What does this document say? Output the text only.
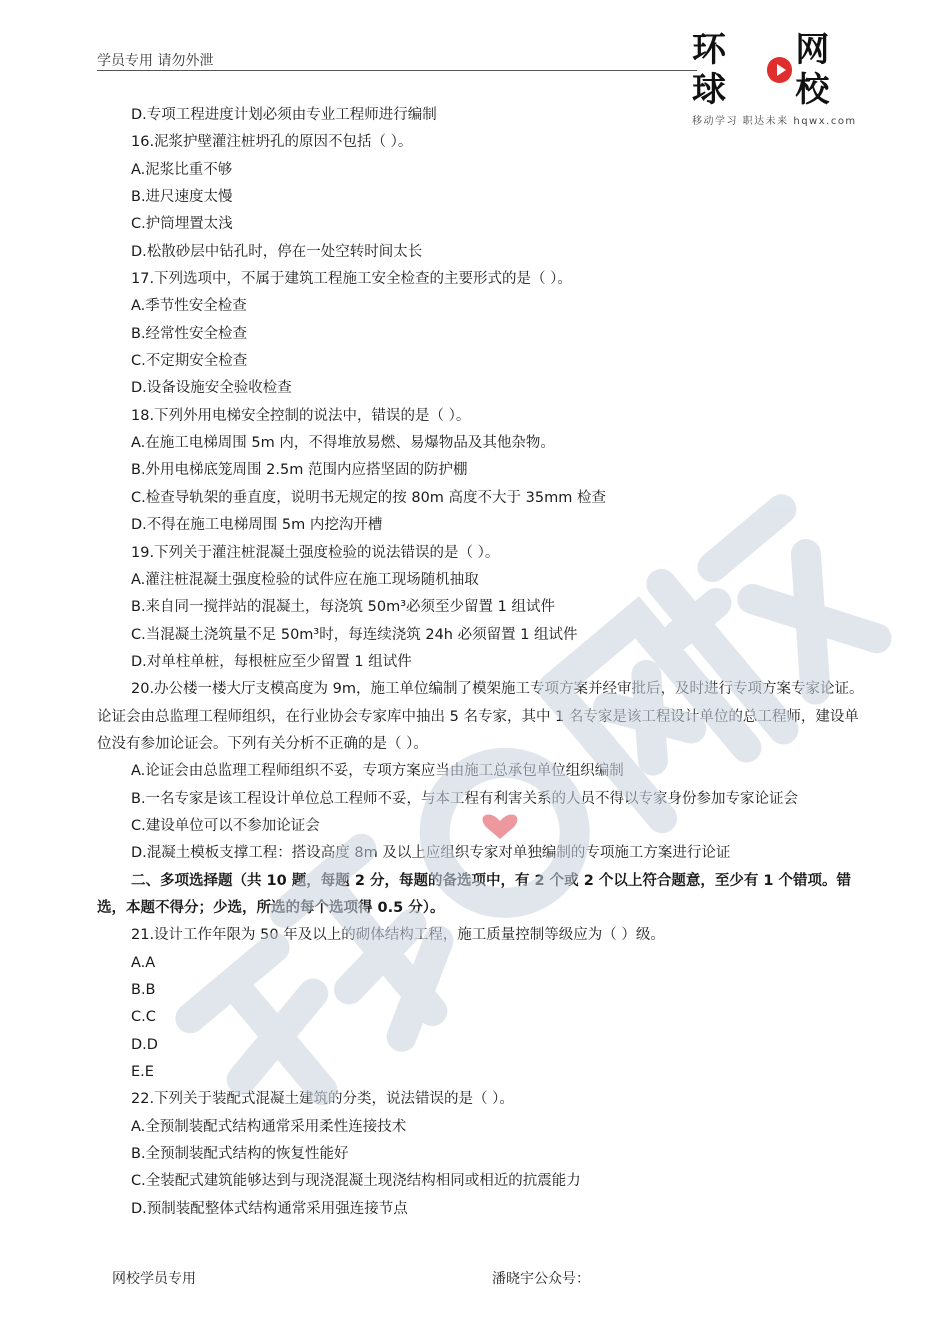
学员专用 请勿外泄	环球
网校
移动学习 职达未来 hqwx.com
D.专项工程进度计划必须由专业工程师进行编制
16.泥浆护壁灌注桩坍孔的原因不包括（ ）。
A.泥浆比重不够
B.进尺速度太慢
C.护筒埋置太浅
D.松散砂层中钻孔时，停在一处空转时间太长
17.下列选项中，不属于建筑工程施工安全检查的主要形式的是（ ）。
A.季节性安全检查
B.经常性安全检查
C.不定期安全检查
D.设备设施安全验收检查
18.下列外用电梯安全控制的说法中，错误的是（ ）。
A.在施工电梯周围 5m 内，不得堆放易燃、易爆物品及其他杂物。
B.外用电梯底笼周围 2.5m 范围内应搭坚固的防护棚
C.检查导轨架的垂直度，说明书无规定的按 80m 高度不大于 35mm 检查
D.不得在施工电梯周围 5m 内挖沟开槽
19.下列关于灌注桩混凝土强度检验的说法错误的是（ ）。
A.灌注桩混凝土强度检验的试件应在施工现场随机抽取
B.来自同一搅拌站的混凝土，每浇筑 50m³必须至少留置 1 组试件
C.当混凝土浇筑量不足 50m³时，每连续浇筑 24h 必须留置 1 组试件
D.对单柱单桩，每根桩应至少留置 1 组试件
20.办公楼一楼大厅支模高度为 9m，施工单位编制了模架施工专项方案并经审批后，及时进行专项方案专家论证。论证会由总监理工程师组织，在行业协会专家库中抽出 5 名专家，其中 1 名专家是该工程设计单位的总工程师，建设单位没有参加论证会。下列有关分析不正确的是（ ）。
A.论证会由总监理工程师组织不妥，专项方案应当由施工总承包单位组织编制
B.一名专家是该工程设计单位总工程师不妥，与本工程有利害关系的人员不得以专家身份参加专家论证会
C.建设单位可以不参加论证会
D.混凝土模板支撑工程：搭设高度 8m 及以上应组织专家对单独编制的专项施工方案进行论证
二、多项选择题（共 10 题，每题 2 分，每题的备选项中，有 2 个或 2 个以上符合题意，至少有 1 个错项。错选，本题不得分；少选，所选的每个选项得 0.5 分）。
21.设计工作年限为 50 年及以上的砌体结构工程，施工质量控制等级应为（ ）级。
A.A
B.B
C.C
D.D
E.E
22.下列关于装配式混凝土建筑的分类，说法错误的是（ ）。
A.全预制装配式结构通常采用柔性连接技术
B.全预制装配式结构的恢复性能好
C.全装配式建筑能够达到与现浇混凝土现浇结构相同或相近的抗震能力
D.预制装配整体式结构通常采用强连接节点
网校学员专用	潘晓宇公众号：
